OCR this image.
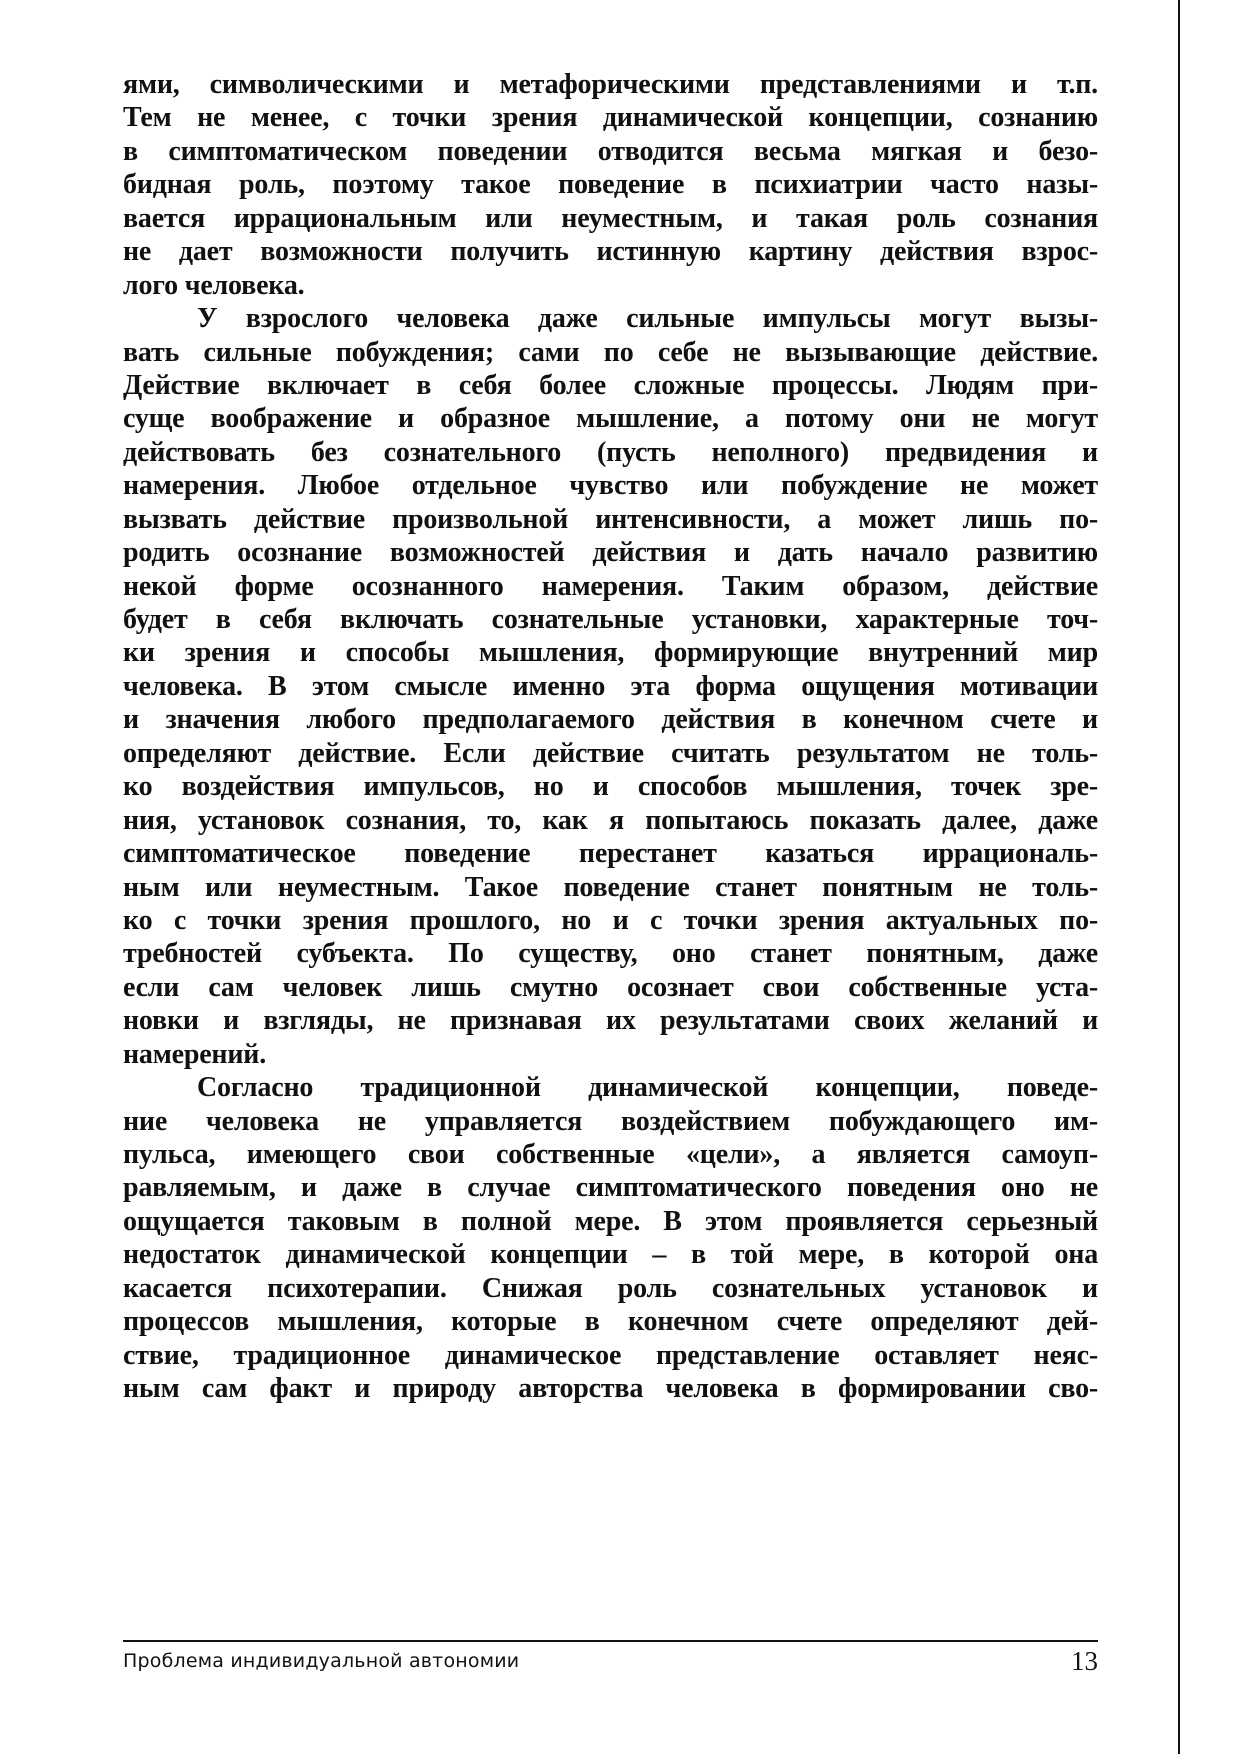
ями, символическими и метафорическими представлениями и т.п.
Тем не менее, с точки зрения динамической концепции, сознанию
в симптоматическом поведении отводится весьма мягкая и безо-
бидная роль, поэтому такое поведение в психиатрии часто назы-
вается иррациональным или неуместным, и такая роль сознания
не дает возможности получить истинную картину действия взрос-
лого человека.
У взрослого человека даже сильные импульсы могут вызы-
вать сильные побуждения; сами по себе не вызывающие действие.
Действие включает в себя более сложные процессы. Людям при-
суще воображение и образное мышление, а потому они не могут
действовать без сознательного (пусть неполного) предвидения и
намерения. Любое отдельное чувство или побуждение не может
вызвать действие произвольной интенсивности, а может лишь по-
родить осознание возможностей действия и дать начало развитию
некой форме осознанного намерения. Таким образом, действие
будет в себя включать сознательные установки, характерные точ-
ки зрения и способы мышления, формирующие внутренний мир
человека. В этом смысле именно эта форма ощущения мотивации
и значения любого предполагаемого действия в конечном счете и
определяют действие. Если действие считать результатом не толь-
ко воздействия импульсов, но и способов мышления, точек зре-
ния, установок сознания, то, как я попытаюсь показать далее, даже
симптоматическое поведение перестанет казаться иррациональ-
ным или неуместным. Такое поведение станет понятным не толь-
ко с точки зрения прошлого, но и с точки зрения актуальных по-
требностей субъекта. По существу, оно станет понятным, даже
если сам человек лишь смутно осознает свои собственные уста-
новки и взгляды, не признавая их результатами своих желаний и
намерений.
Согласно традиционной динамической концепции, поведе-
ние человека не управляется воздействием побуждающего им-
пульса, имеющего свои собственные «цели», а является самоуп-
равляемым, и даже в случае симптоматического поведения оно не
ощущается таковым в полной мере. В этом проявляется серьезный
недостаток динамической концепции – в той мере, в которой она
касается психотерапии. Снижая роль сознательных установок и
процессов мышления, которые в конечном счете определяют дей-
ствие, традиционное динамическое представление оставляет неяс-
ным сам факт и природу авторства человека в формировании сво-
Проблема индивидуальной автономии	13
